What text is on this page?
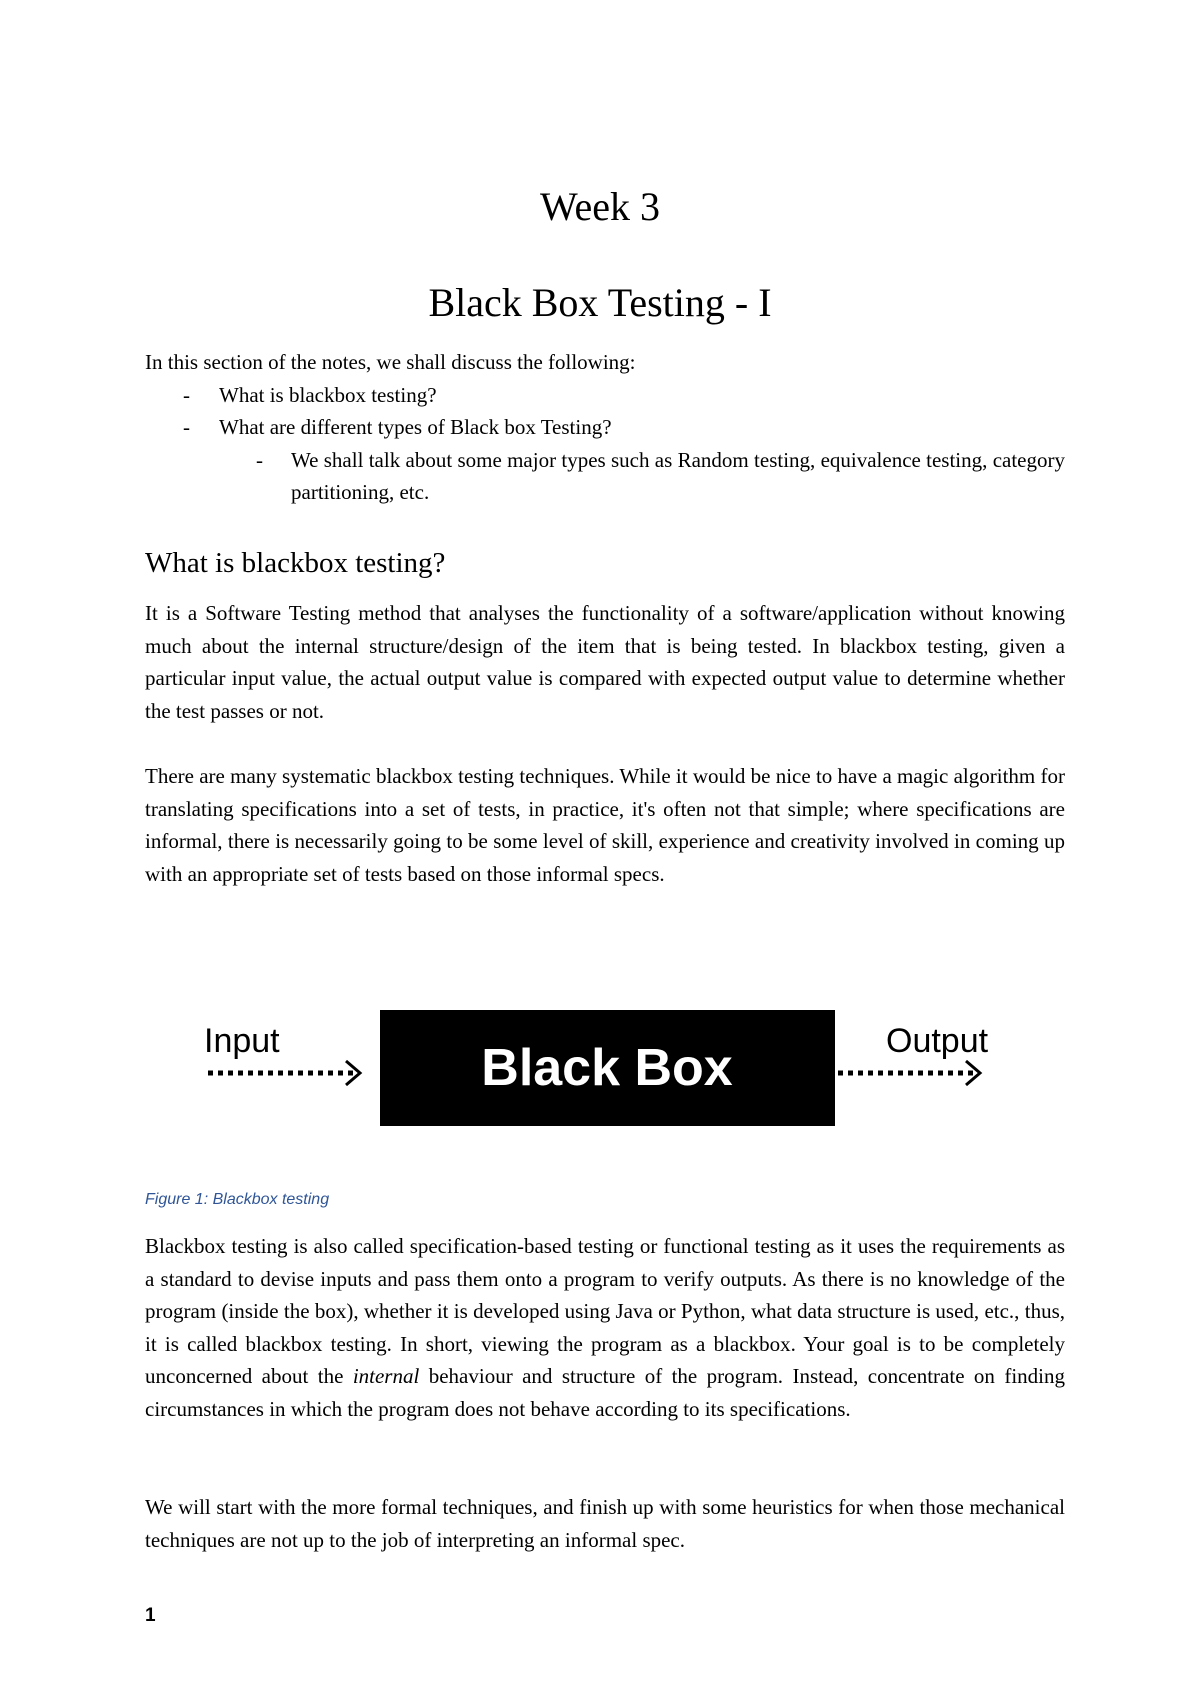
Week 3
Black Box Testing - I

In this section of the notes, we shall discuss the following:

- What is blackbox testing?
- What are different types of Black box Testing?
- We shall talk about some major types such as Random testing, equivalence testing, category partitioning, etc.
What is blackbox testing?

It is a Software Testing method that analyses the functionality of a software/application without knowing much about the internal structure/design of the item that is being tested. In blackbox testing, given a particular input value, the actual output value is compared with expected output value to determine whether the test passes or not.

There are many systematic blackbox testing techniques. While it would be nice to have a magic algorithm for translating specifications into a set of tests, in practice, it's often not that simple; where specifications are informal, there is necessarily going to be some level of skill, experience and creativity involved in coming up with an appropriate set of tests based on those informal specs.

Input	Black Box	Output
Figure 1: Blackbox testing

Blackbox testing is also called specification-based testing or functional testing as it uses the requirements as a standard to devise inputs and pass them onto a program to verify outputs. As there is no knowledge of the program (inside the box), whether it is developed using Java or Python, what data structure is used, etc., thus, it is called blackbox testing. In short, viewing the program as a blackbox. Your goal is to be completely unconcerned about the internal behaviour and structure of the program. Instead, concentrate on finding circumstances in which the program does not behave according to its specifications.

We will start with the more formal techniques, and finish up with some heuristics for when those mechanical techniques are not up to the job of interpreting an informal spec.

1
